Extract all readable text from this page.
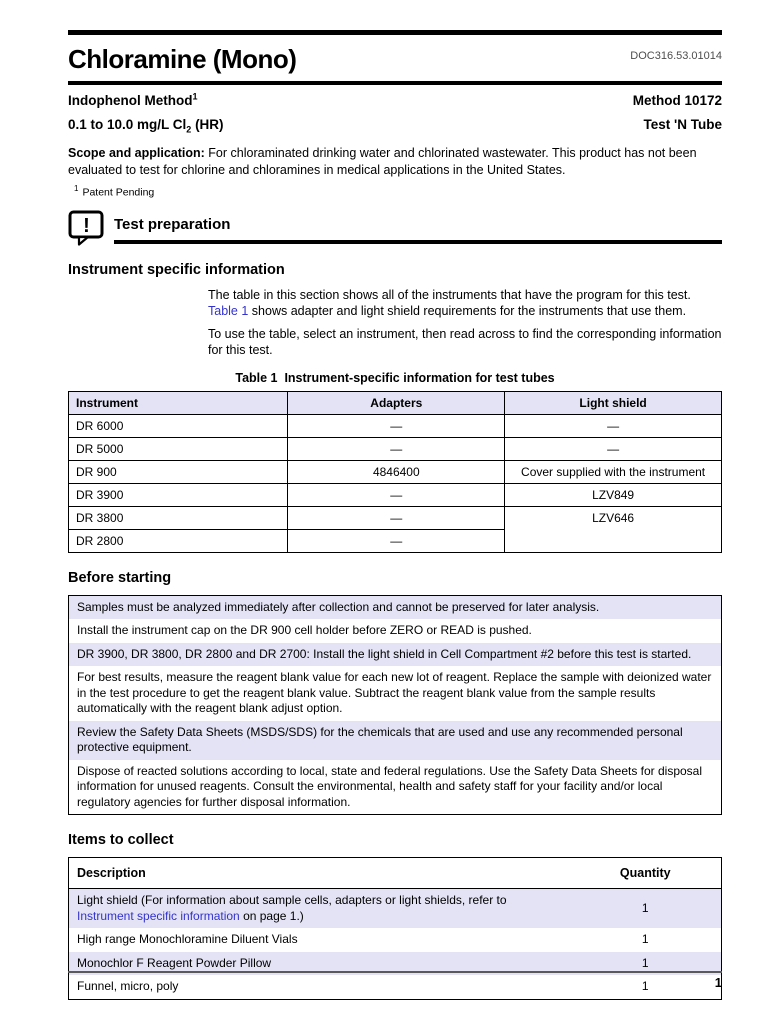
Chloramine (Mono)	DOC316.53.01014
Indophenol Method$^1$	Method 10172
0.1 to 10.0 mg/L $Cl_2$ (HR)	Test 'N Tube
Scope and application: For chloraminated drinking water and chlorinated wastewater. This product has not been evaluated to test for chlorine and chloramines in medical applications in the United States.
$^1$ Patent Pending
! Test preparation
Instrument specific information
The table in this section shows all of the instruments that have the program for this test. Table 1 shows adapter and light shield requirements for the instruments that use them.
To use the table, select an instrument, then read across to find the corresponding information for this test.
Table 1  Instrument-specific information for test tubes
Instrument	Adapters	Light shield
DR 6000	—	—
DR 5000	—	—
DR 900	4846400	Cover supplied with the instrument
DR 3900	—	LZV849
DR 3800	—	LZV646
DR 2800	—	
Before starting
Samples must be analyzed immediately after collection and cannot be preserved for later analysis.
Install the instrument cap on the DR 900 cell holder before ZERO or READ is pushed.
DR 3900, DR 3800, DR 2800 and DR 2700: Install the light shield in Cell Compartment #2 before this test is started.
For best results, measure the reagent blank value for each new lot of reagent. Replace the sample with deionized water in the test procedure to get the reagent blank value. Subtract the reagent blank value from the sample results automatically with the reagent blank adjust option.
Review the Safety Data Sheets (MSDS/SDS) for the chemicals that are used and use any recommended personal protective equipment.
Dispose of reacted solutions according to local, state and federal regulations. Use the Safety Data Sheets for disposal information for unused reagents. Consult the environmental, health and safety staff for your facility and/or local regulatory agencies for further disposal information.
Items to collect
Description	Quantity
Light shield (For information about sample cells, adapters or light shields, refer to Instrument specific information on page 1.)	1
High range Monochloramine Diluent Vials	1
Monochlor F Reagent Powder Pillow	1
Funnel, micro, poly	1	1
